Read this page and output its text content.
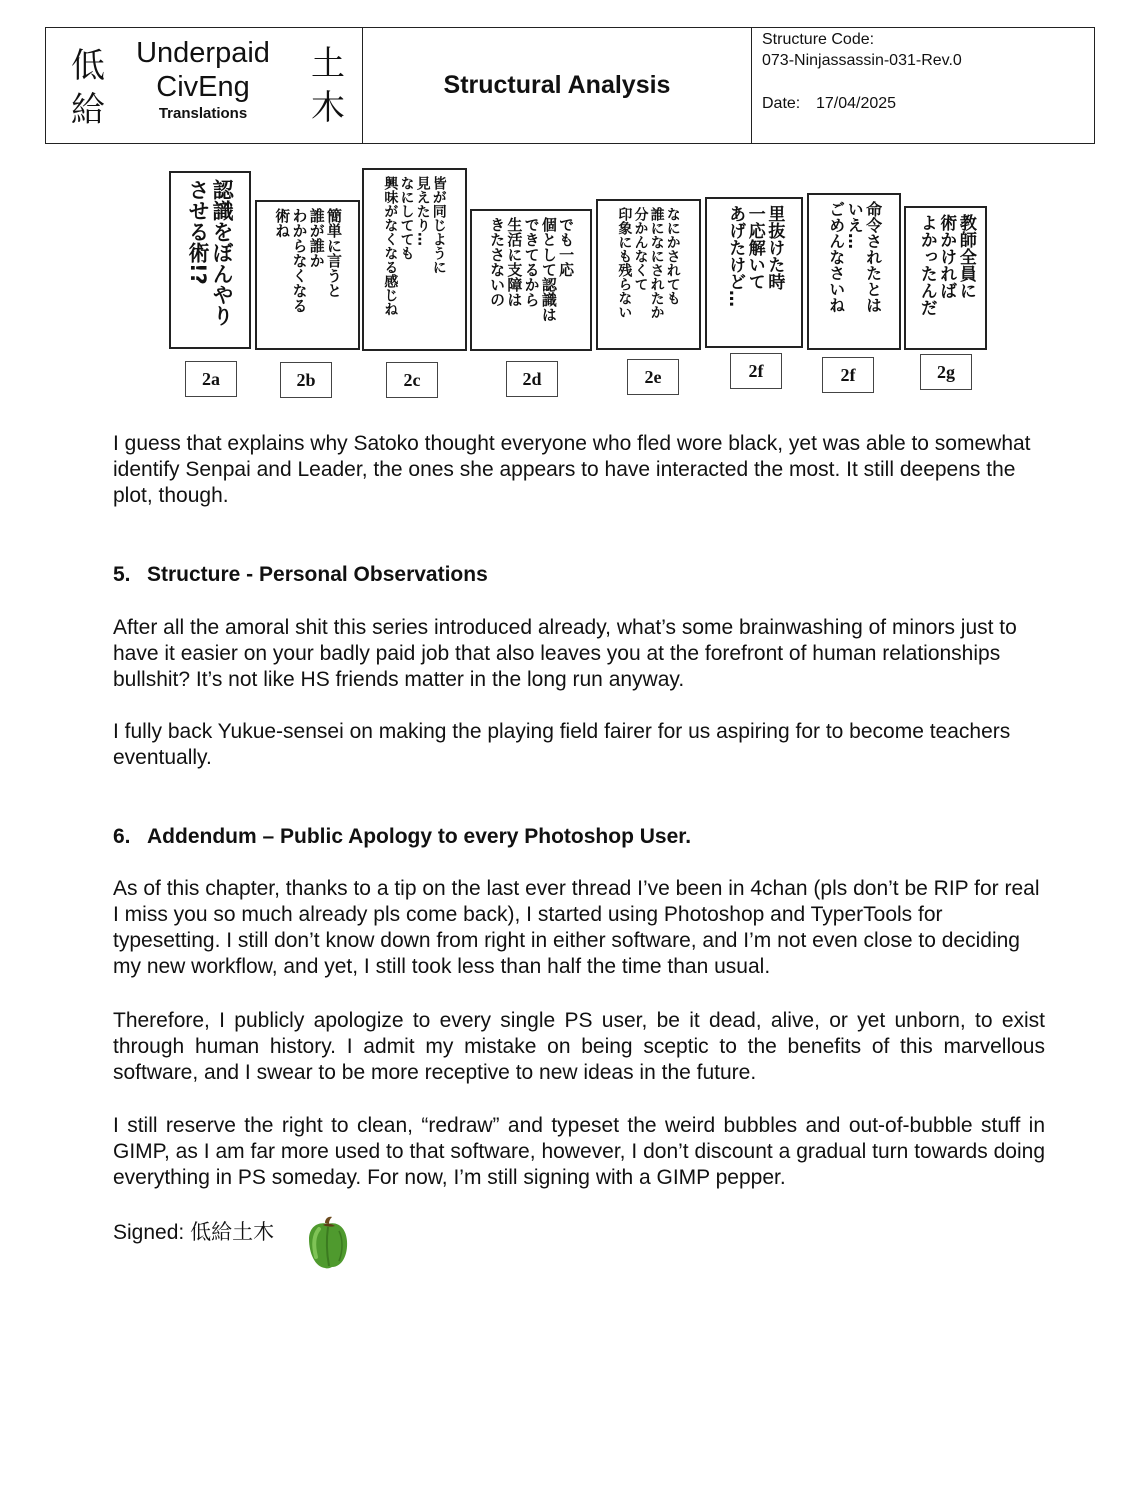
低
給
Underpaid
CivEng
Translations
土
木
Structural Analysis
Structure Code:
073-Ninjassassin-031-Rev.0
Date: 17/04/2025
認識をぼんやり
させる術!?
2a
簡単に言うと
誰が誰か
わからなくなる
術ね
2b
皆が同じように
見えたり…
なにしてても
興味がなくなる感じね
2c
でも一応
個として認識は
できてるから
生活に支障は
きたさないの
2d
なにかされても
誰になにされたか
分かんなくて
印象にも残らない
2e
里抜けた時
一応解いて
あげたけど…
2f
命令されたとは
いえ…
ごめんなさいね
2f
教師全員に
術かければ
よかったんだ
2g

I guess that explains why Satoko thought everyone who fled wore black, yet was able to somewhat identify Senpai and Leader, the ones she appears to have interacted the most. It still deepens the plot, though.

5. Structure - Personal Observations

After all the amoral shit this series introduced already, what’s some brainwashing of minors just to have it easier on your badly paid job that also leaves you at the forefront of human relationships bullshit? It’s not like HS friends matter in the long run anyway.

I fully back Yukue-sensei on making the playing field fairer for us aspiring for to become teachers eventually.

6. Addendum – Public Apology to every Photoshop User.

As of this chapter, thanks to a tip on the last ever thread I’ve been in 4chan (pls don’t be RIP for real I miss you so much already pls come back), I started using Photoshop and TyperTools for typesetting. I still don’t know down from right in either software, and I’m not even close to deciding my new workflow, and yet, I still took less than half the time than usual.

Therefore, I publicly apologize to every single PS user, be it dead, alive, or yet unborn, to exist through human history. I admit my mistake on being sceptic to the benefits of this marvellous software, and I swear to be more receptive to new ideas in the future.

I still reserve the right to clean, “redraw” and typeset the weird bubbles and out-of-bubble stuff in GIMP, as I am far more used to that software, however, I don’t discount a gradual turn towards doing everything in PS someday. For now, I’m still signing with a GIMP pepper.

Signed: 低給土木
